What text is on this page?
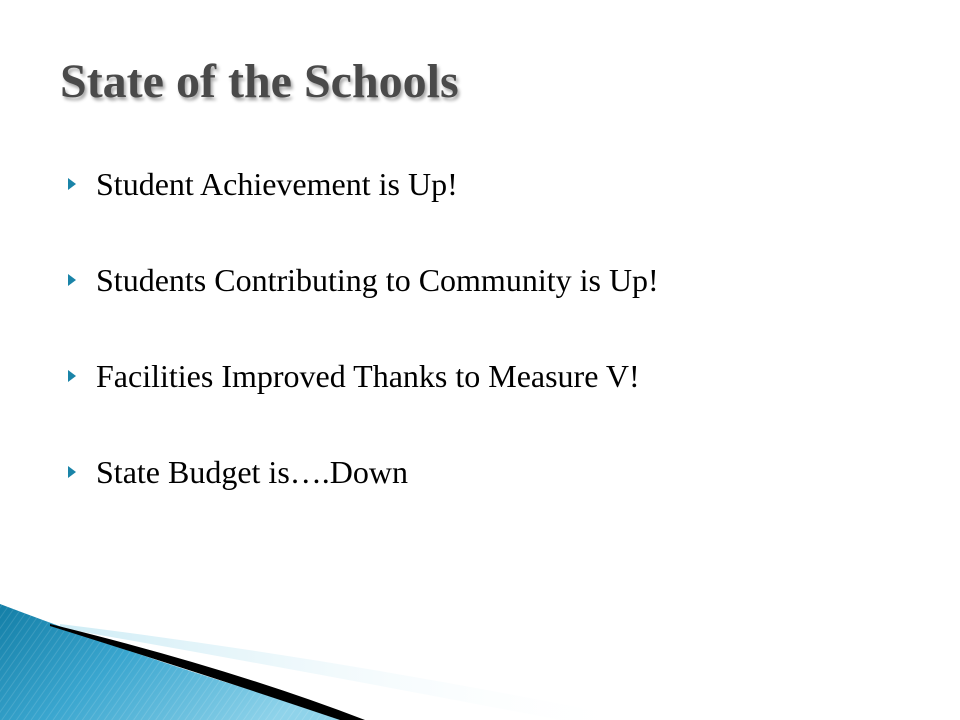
State of the Schools
Student Achievement is Up!
Students Contributing to Community is Up!
Facilities Improved Thanks to Measure V!
State Budget is….Down
